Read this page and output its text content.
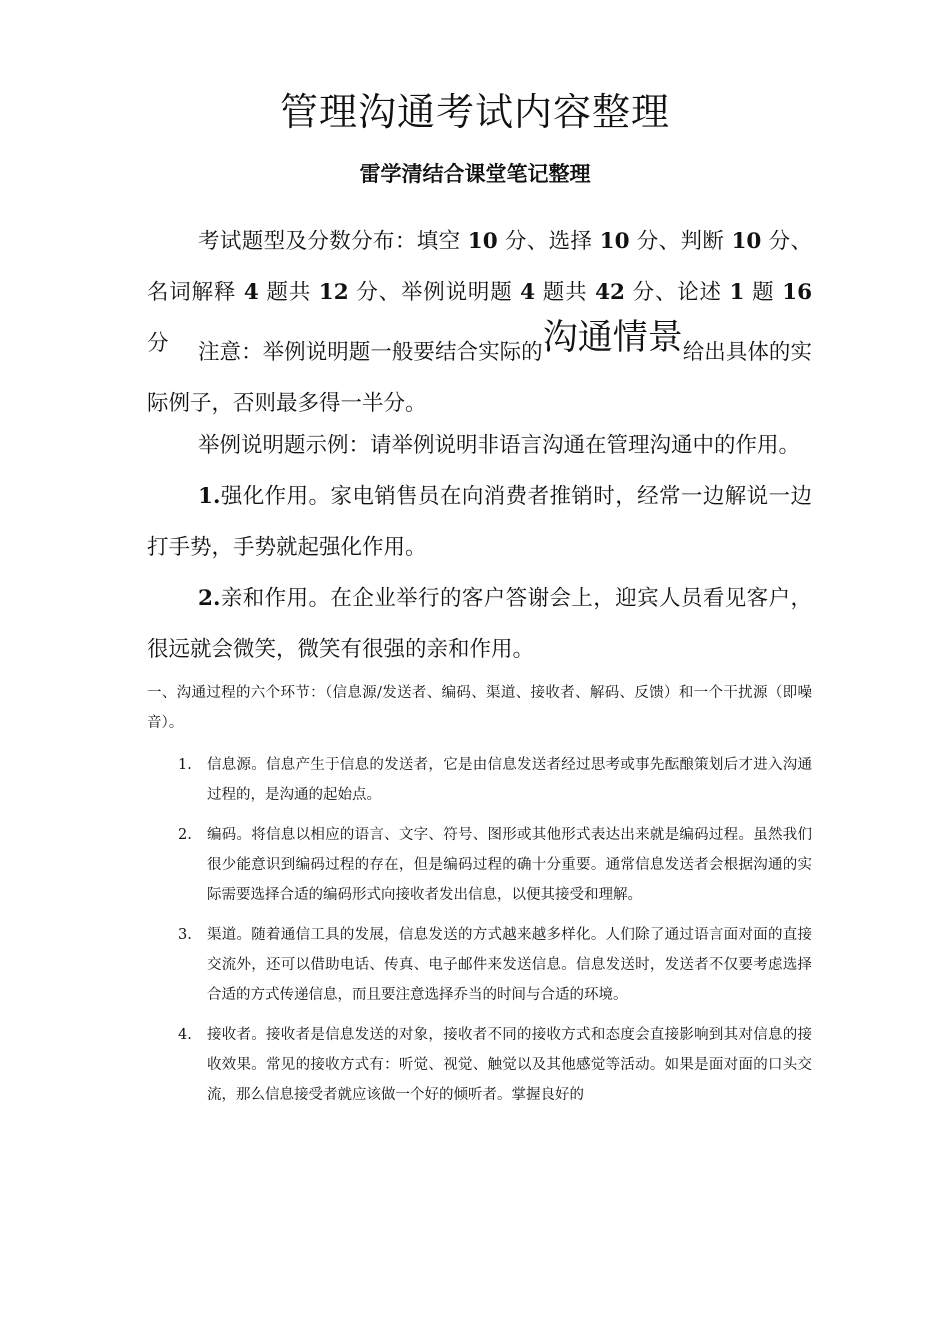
管理沟通考试内容整理
雷学清结合课堂笔记整理
考试题型及分数分布：填空 10 分、选择 10 分、判断 10 分、名词解释 4 题共 12 分、举例说明题 4 题共 42 分、论述 1 题 16 分	注意：举例说明题一般要结合实际的沟通情景给出具体的实际例子，否则最多得一半分。
举例说明题示例：请举例说明非语言沟通在管理沟通中的作用。
1.强化作用。家电销售员在向消费者推销时，经常一边解说一边打手势，手势就起强化作用。
2.亲和作用。在企业举行的客户答谢会上，迎宾人员看见客户，很远就会微笑，微笑有很强的亲和作用。
一、沟通过程的六个环节：（信息源/发送者、编码、渠道、接收者、解码、反馈）和一个干扰源（即噪音）。
1. 信息源。信息产生于信息的发送者，它是由信息发送者经过思考或事先酝酿策划后才进入沟通过程的，是沟通的起始点。
2. 编码。将信息以相应的语言、文字、符号、图形或其他形式表达出来就是编码过程。虽然我们很少能意识到编码过程的存在，但是编码过程的确十分重要。通常信息发送者会根据沟通的实际需要选择合适的编码形式向接收者发出信息，以便其接受和理解。
3. 渠道。随着通信工具的发展，信息发送的方式越来越多样化。人们除了通过语言面对面的直接交流外，还可以借助电话、传真、电子邮件来发送信息。信息发送时，发送者不仅要考虑选择合适的方式传递信息，而且要注意选择乔当的时间与合适的环境。
4. 接收者。接收者是信息发送的对象，接收者不同的接收方式和态度会直接影响到其对信息的接收效果。常见的接收方式有：听觉、视觉、触觉以及其他感觉等活动。如果是面对面的口头交流，那么信息接受者就应该做一个好的倾听者。掌握良好的
